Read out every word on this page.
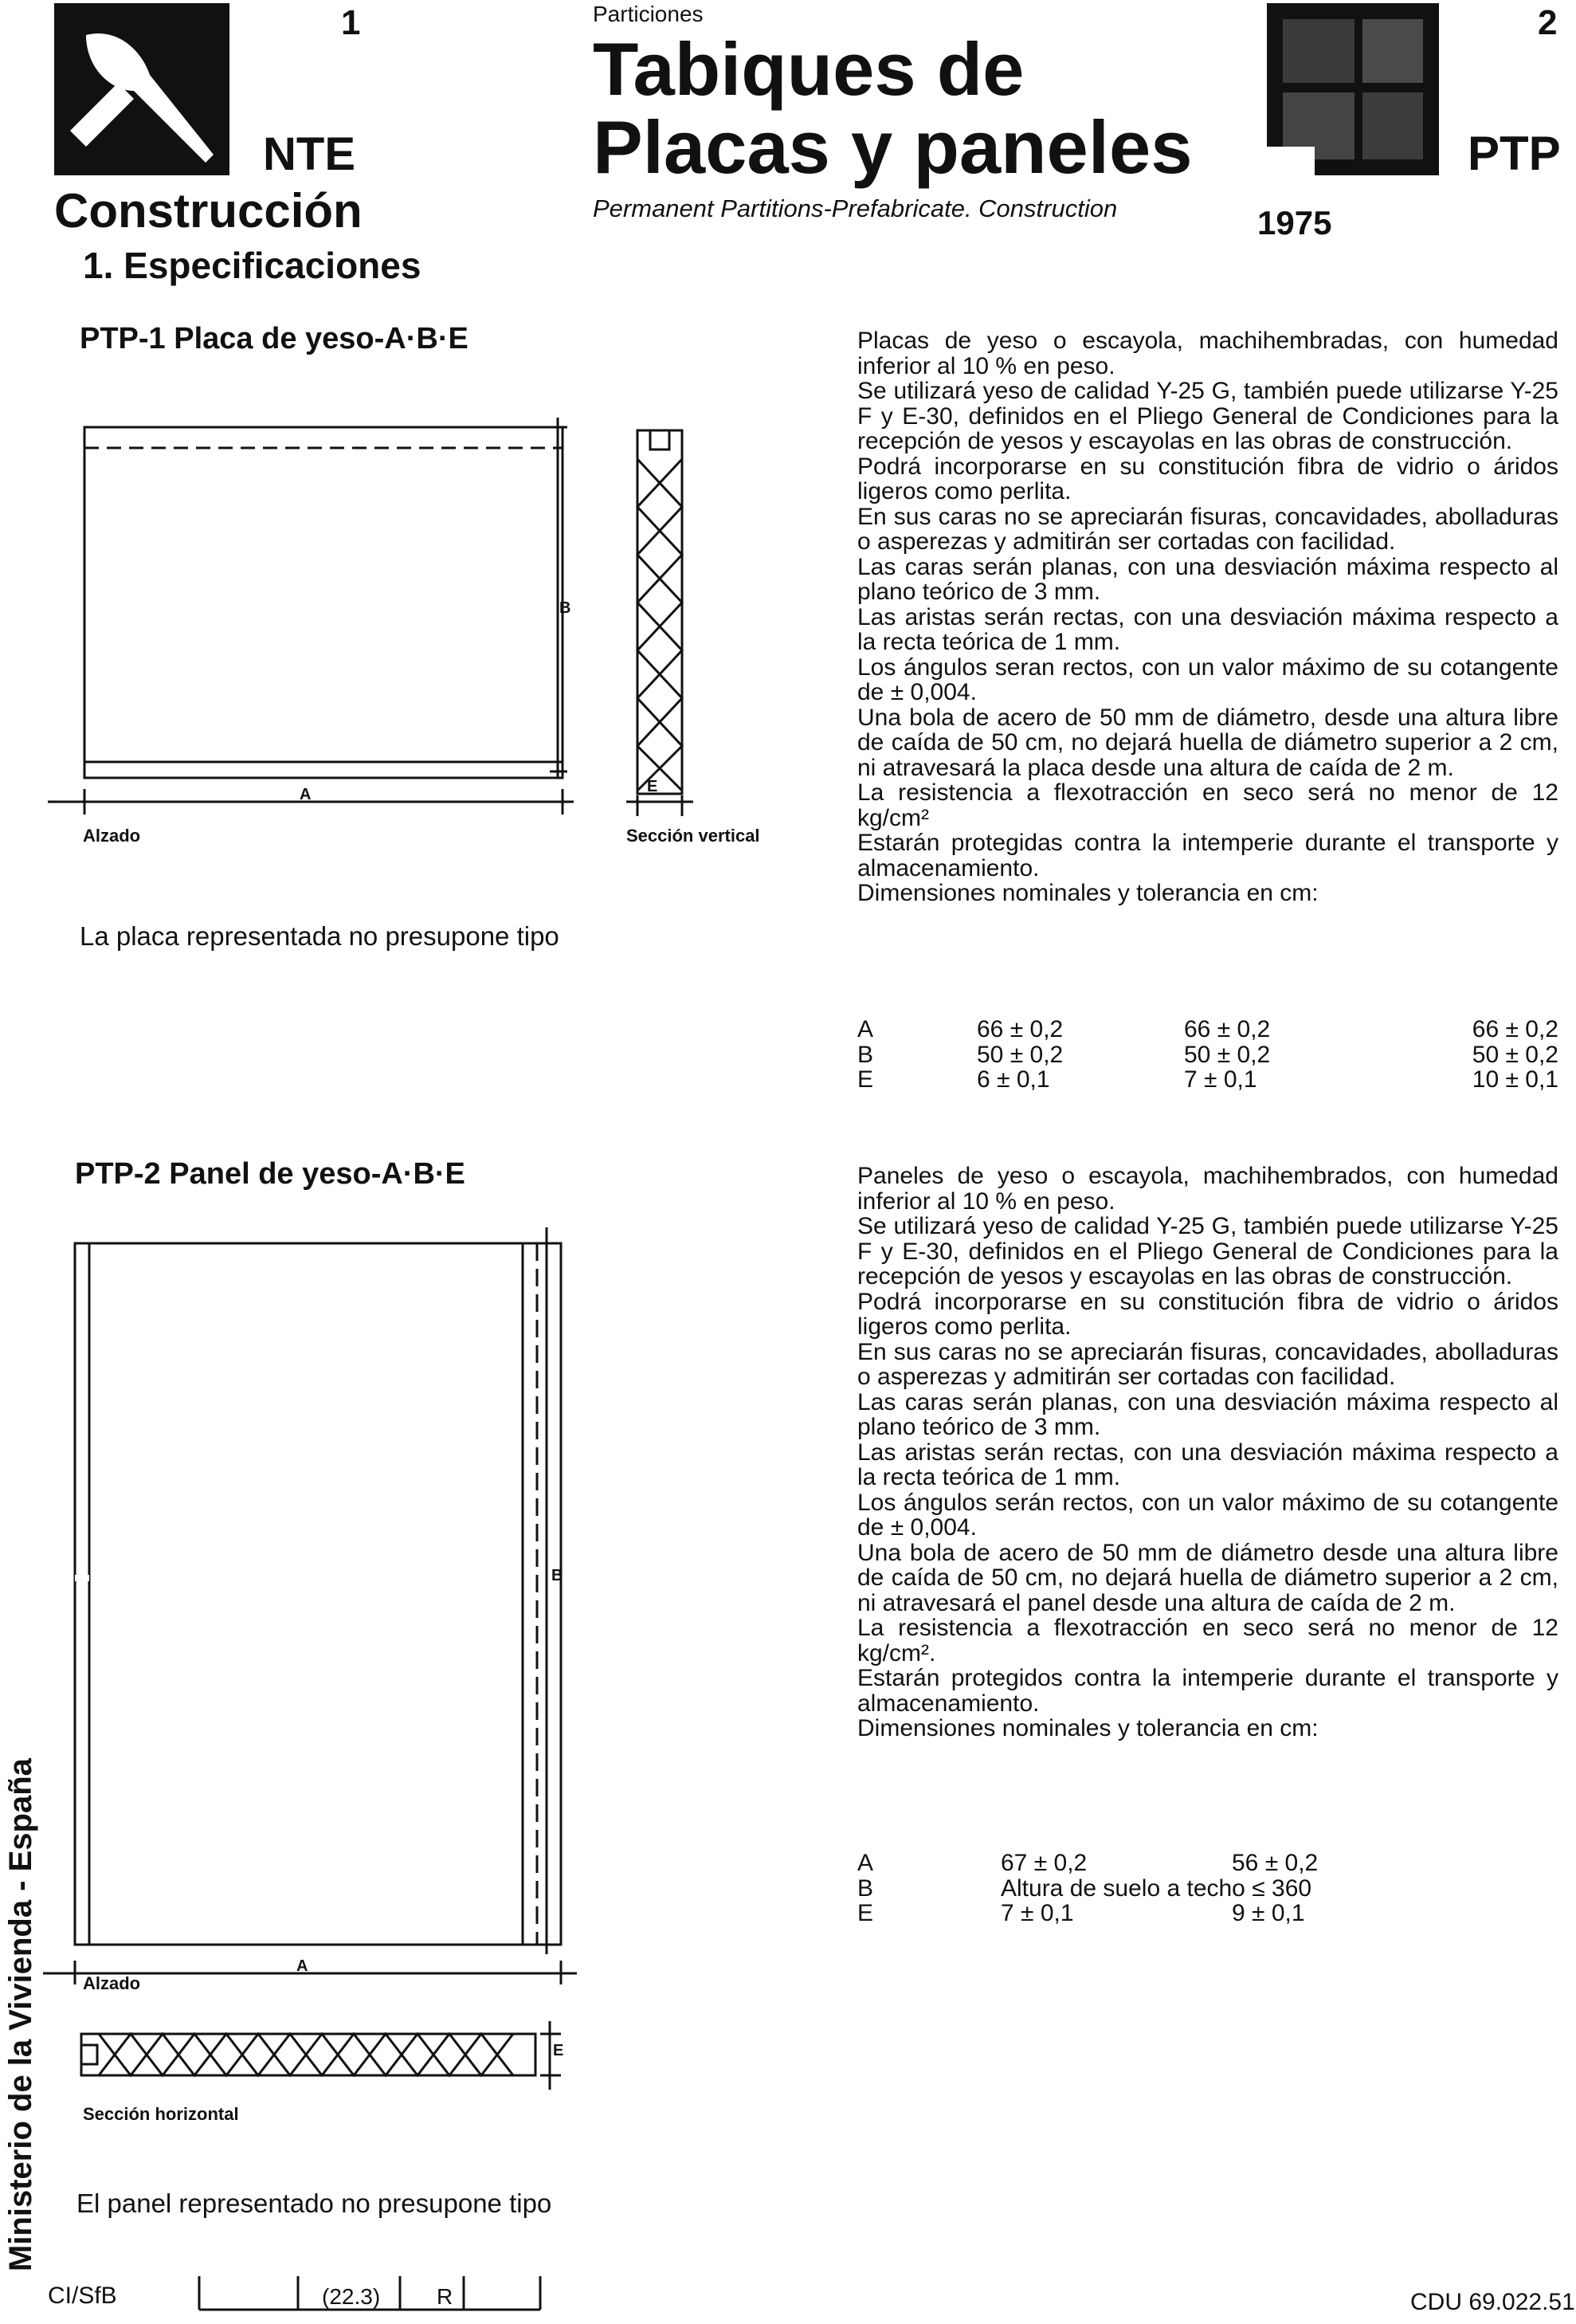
1
NTE
Construcción
1. Especificaciones
Particiones
Tabiques de
Placas y paneles
Permanent Partitions-Prefabricate. Construction
2
1975
PTP
PTP-1 Placa de yeso-A·B·E
B
A	E
Alzado	Sección vertical
La placa representada no presupone tipo

Placas de yeso o escayola, machihembradas, con humedad inferior al 10 % en peso.

Se utilizará yeso de calidad Y-25 G, también puede utilizarse Y-25 F y E-30, definidos en el Pliego General de Condiciones para la recepción de yesos y escayolas en las obras de construcción.

Podrá incorporarse en su constitución fibra de vidrio o áridos ligeros como perlita.

En sus caras no se apreciarán fisuras, concavidades, abolladuras o asperezas y admitirán ser cortadas con facilidad.

Las caras serán planas, con una desviación máxima respecto al plano teórico de 3 mm.

Las aristas serán rectas, con una desviación máxima respecto a la recta teórica de 1 mm.

Los ángulos seran rectos, con un valor máximo de su cotangente de ± 0,004.

Una bola de acero de 50 mm de diámetro, desde una altura libre de caída de 50 cm, no dejará huella de diámetro superior a 2 cm, ni atravesará la placa desde una altura de caída de 2 m.

La resistencia a flexotracción en seco será no menor de 12 kg/cm²

Estarán protegidas contra la intemperie durante el transporte y almacenamiento.

Dimensiones nominales y tolerancia en cm:

A	66 ± 0,2	66 ± 0,2	66 ± 0,2
B	50 ± 0,2	50 ± 0,2	50 ± 0,2
E	6 ± 0,1	7 ± 0,1	10 ± 0,1
PTP-2 Panel de yeso-A·B·E
B
A
Alzado
E
Sección horizontal
El panel representado no presupone tipo

Paneles de yeso o escayola, machihembrados, con humedad inferior al 10 % en peso.

Se utilizará yeso de calidad Y-25 G, también puede utilizarse Y-25 F y E-30, definidos en el Pliego General de Condiciones para la recepción de yesos y escayolas en las obras de construcción.

Podrá incorporarse en su constitución fibra de vidrio o áridos ligeros como perlita.

En sus caras no se apreciarán fisuras, concavidades, abolladuras o asperezas y admitirán ser cortadas con facilidad.

Las caras serán planas, con una desviación máxima respecto al plano teórico de 3 mm.

Las aristas serán rectas, con una desviación máxima respecto a la recta teórica de 1 mm.

Los ángulos serán rectos, con un valor máximo de su cotangente de ± 0,004.

Una bola de acero de 50 mm de diámetro desde una altura libre de caída de 50 cm, no dejará huella de diámetro superior a 2 cm, ni atravesará el panel desde una altura de caída de 2 m.

La resistencia a flexotracción en seco será no menor de 12 kg/cm².

Estarán protegidos contra la intemperie durante el transporte y almacenamiento.

Dimensiones nominales y tolerancia en cm:

A	67 ± 0,2	56 ± 0,2
B	Altura de suelo a techo ≤ 360	
E	7 ± 0,1	9 ± 0,1
Ministerio de la Vivienda - España
CI/SfB	(22.3)	R	CDU 69.022.51
